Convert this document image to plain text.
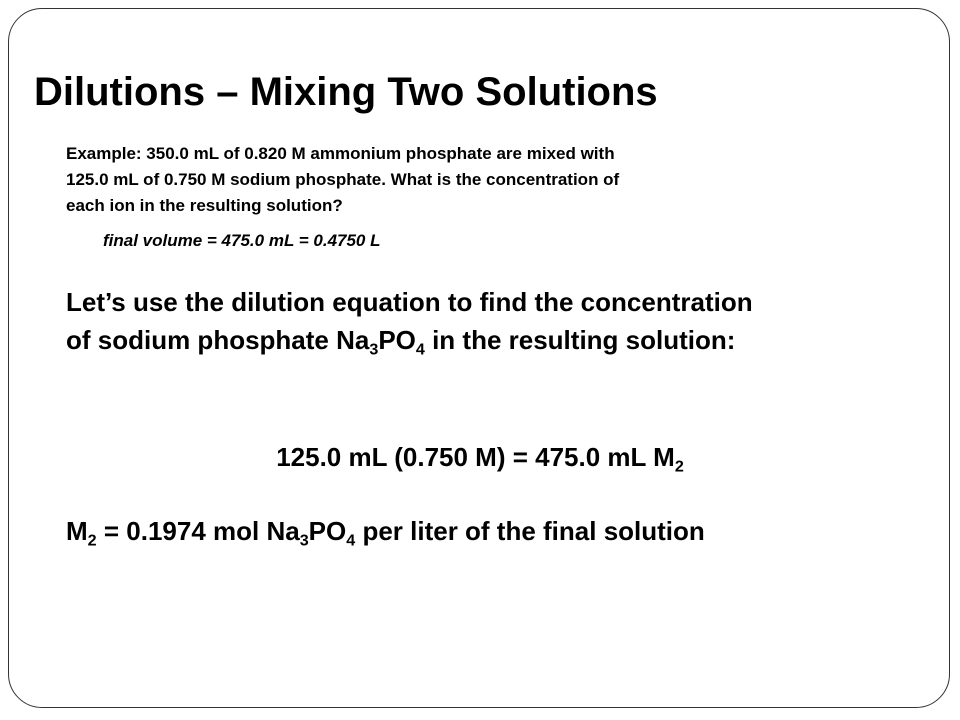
Dilutions – Mixing Two Solutions

Example: 350.0 mL of 0.820 M ammonium phosphate are mixed with
125.0 mL of 0.750 M sodium phosphate. What is the concentration of
each ion in the resulting solution?

final volume = 475.0 mL = 0.4750 L

Let’s use the dilution equation to find the concentration
of sodium phosphate $Na_3PO_4$ in the resulting solution:

125.0 mL (0.750 M) = 475.0 mL $M_2$
$M_2 = 0.1974$ mol $Na_3PO_4$ per liter of the final solution
